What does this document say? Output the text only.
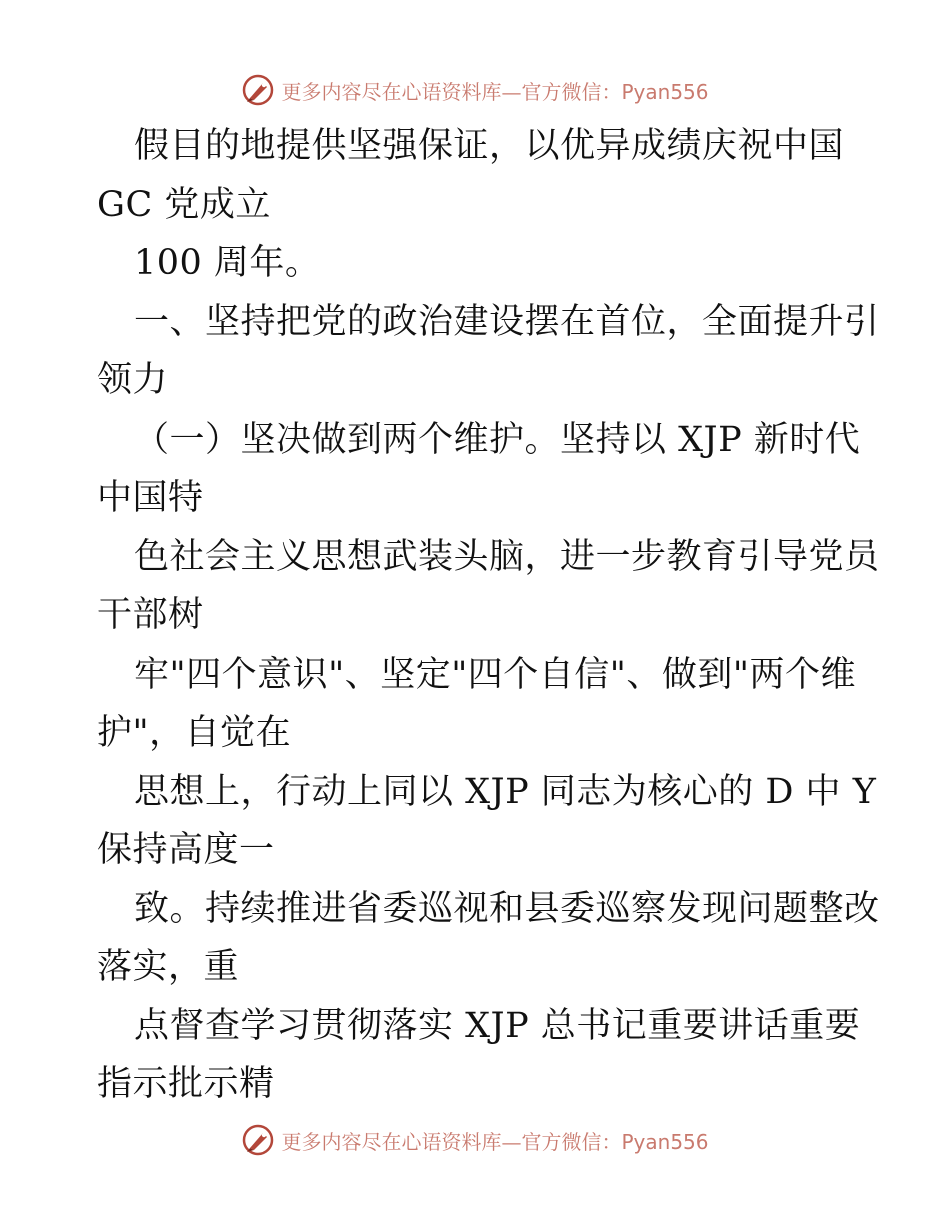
更多内容尽在心语资料库—官方微信：Pyan556
假目的地提供坚强保证，以优异成绩庆祝中国
GC 党成立
100 周年。
一、坚持把党的政治建设摆在首位，全面提升引
领力
（一）坚决做到两个维护。坚持以 XJP 新时代
中国特
色社会主义思想武装头脑，进一步教育引导党员
干部树
牢"四个意识"、坚定"四个自信"、做到"两个维
护"，自觉在
思想上，行动上同以 XJP 同志为核心的 D 中 Y
保持高度一
致。持续推进省委巡视和县委巡察发现问题整改
落实，重
点督查学习贯彻落实 XJP 总书记重要讲话重要
指示批示精
更多内容尽在心语资料库—官方微信：Pyan556
